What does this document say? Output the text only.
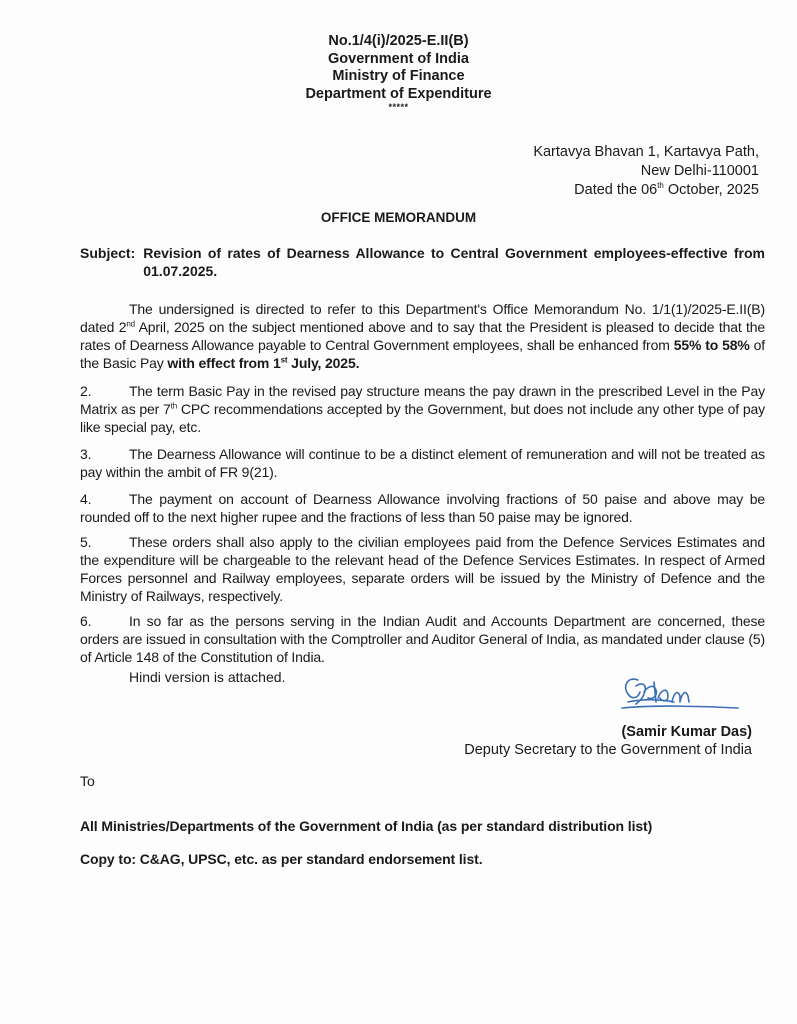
No.1/4(i)/2025-E.II(B)
Government of India
Ministry of Finance
Department of Expenditure
*****
Kartavya Bhavan 1, Kartavya Path,
New Delhi-110001
Dated the 06th October, 2025
OFFICE MEMORANDUM
Subject: Revision of rates of Dearness Allowance to Central Government employees-effective from 01.07.2025.
The undersigned is directed to refer to this Department's Office Memorandum No. 1/1(1)/2025-E.II(B) dated 2nd April, 2025 on the subject mentioned above and to say that the President is pleased to decide that the rates of Dearness Allowance payable to Central Government employees, shall be enhanced from 55% to 58% of the Basic Pay with effect from 1st July, 2025.
2.	The term Basic Pay in the revised pay structure means the pay drawn in the prescribed Level in the Pay Matrix as per 7th CPC recommendations accepted by the Government, but does not include any other type of pay like special pay, etc.
3.	The Dearness Allowance will continue to be a distinct element of remuneration and will not be treated as pay within the ambit of FR 9(21).
4.	The payment on account of Dearness Allowance involving fractions of 50 paise and above may be rounded off to the next higher rupee and the fractions of less than 50 paise may be ignored.
5.	These orders shall also apply to the civilian employees paid from the Defence Services Estimates and the expenditure will be chargeable to the relevant head of the Defence Services Estimates. In respect of Armed Forces personnel and Railway employees, separate orders will be issued by the Ministry of Defence and the Ministry of Railways, respectively.
6.	In so far as the persons serving in the Indian Audit and Accounts Department are concerned, these orders are issued in consultation with the Comptroller and Auditor General of India, as mandated under clause (5) of Article 148 of the Constitution of India.
Hindi version is attached.
(Samir Kumar Das)
Deputy Secretary to the Government of India
To
All Ministries/Departments of the Government of India (as per standard distribution list)
Copy to: C&AG, UPSC, etc. as per standard endorsement list.
